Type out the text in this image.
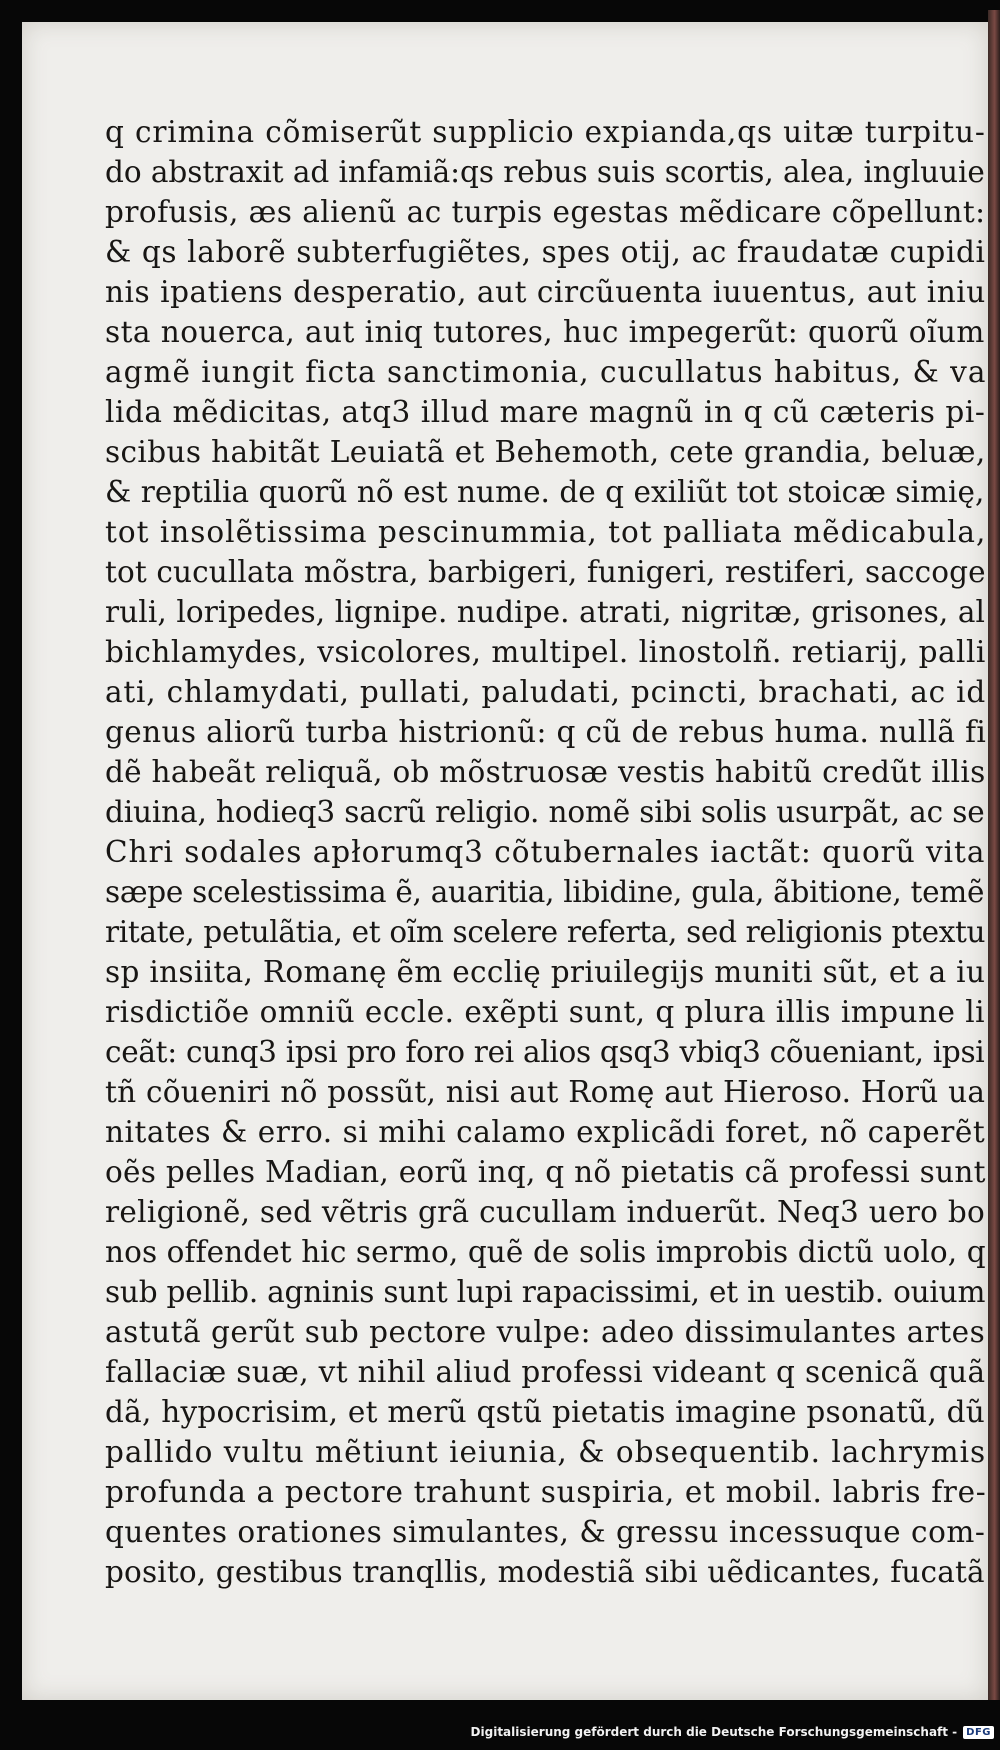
q crimina cõmiserũt supplicio expianda,qs uitæ turpitu-
do abstraxit ad infamiã:qs rebus suis scortis, alea, ingluuie
profusis, æs alienũ ac turpis egestas mẽdicare cõpellunt:
& qs laborẽ subterfugiẽtes, spes otij, ac fraudatæ cupidi
nis ipatiens desperatio, aut circũuenta iuuentus, aut iniu
sta nouerca, aut iniq tutores, huc impegerũt: quorũ oĩum
agmẽ iungit ficta sanctimonia, cucullatus habitus, & va
lida mẽdicitas, atq3 illud mare magnũ in q cũ cæteris pi-
scibus habitãt Leuiatã et Behemoth, cete grandia, beluæ,
& reptilia quorũ nõ est nume. de q exiliũt tot stoicæ simię,
tot insolẽtissima pescinummia, tot palliata mẽdicabula,
tot cucullata mõstra, barbigeri, funigeri, restiferi, saccoge
ruli, loripedes, lignipe. nudipe. atrati, nigritæ, grisones, al
bichlamydes, vsicolores, multipel. linostolñ. retiarij, palli
ati, chlamydati, pullati, paludati, pcincti, brachati, ac id
genus aliorũ turba histrionũ: q cũ de rebus huma. nullã fi
dẽ habeãt reliquã, ob mõstruosæ vestis habitũ credũt illis
diuina, hodieq3 sacrũ religio. nomẽ sibi solis usurpãt, ac se
Chri sodales apłorumq3 cõtubernales iactãt: quorũ vita
sæpe scelestissima ẽ, auaritia, libidine, gula, ãbitione, temẽ
ritate, petulãtia, et oĩm scelere referta, sed religionis ptextu
sp insiita, Romanę ẽm ecclię priuilegijs muniti sũt, et a iu
risdictiõe omniũ eccle. exẽpti sunt, q plura illis impune li
ceãt: cunq3 ipsi pro foro rei alios qsq3 vbiq3 cõueniant, ipsi
tñ cõueniri nõ possũt, nisi aut Romę aut Hieroso. Horũ ua
nitates & erro. si mihi calamo explicãdi foret, nõ caperẽt
oẽs pelles Madian, eorũ inq, q nõ pietatis cã professi sunt
religionẽ, sed vẽtris grã cucullam induerũt. Neq3 uero bo
nos offendet hic sermo, quẽ de solis improbis dictũ uolo, q
sub pellib. agninis sunt lupi rapacissimi, et in uestib. ouium
astutã gerũt sub pectore vulpe: adeo dissimulantes artes
fallaciæ suæ, vt nihil aliud professi videant q scenicã quã
dã, hypocrisim, et merũ qstũ pietatis imagine psonatũ, dũ
pallido vultu mẽtiunt ieiunia, & obsequentib. lachrymis
profunda a pectore trahunt suspiria, et mobil. labris fre-
quentes orationes simulantes, & gressu incessuque com-
posito, gestibus tranqllis, modestiã sibi uẽdicantes, fucatã
Digitalisierung gefördert durch die Deutsche Forschungsgemeinschaft - DFG
